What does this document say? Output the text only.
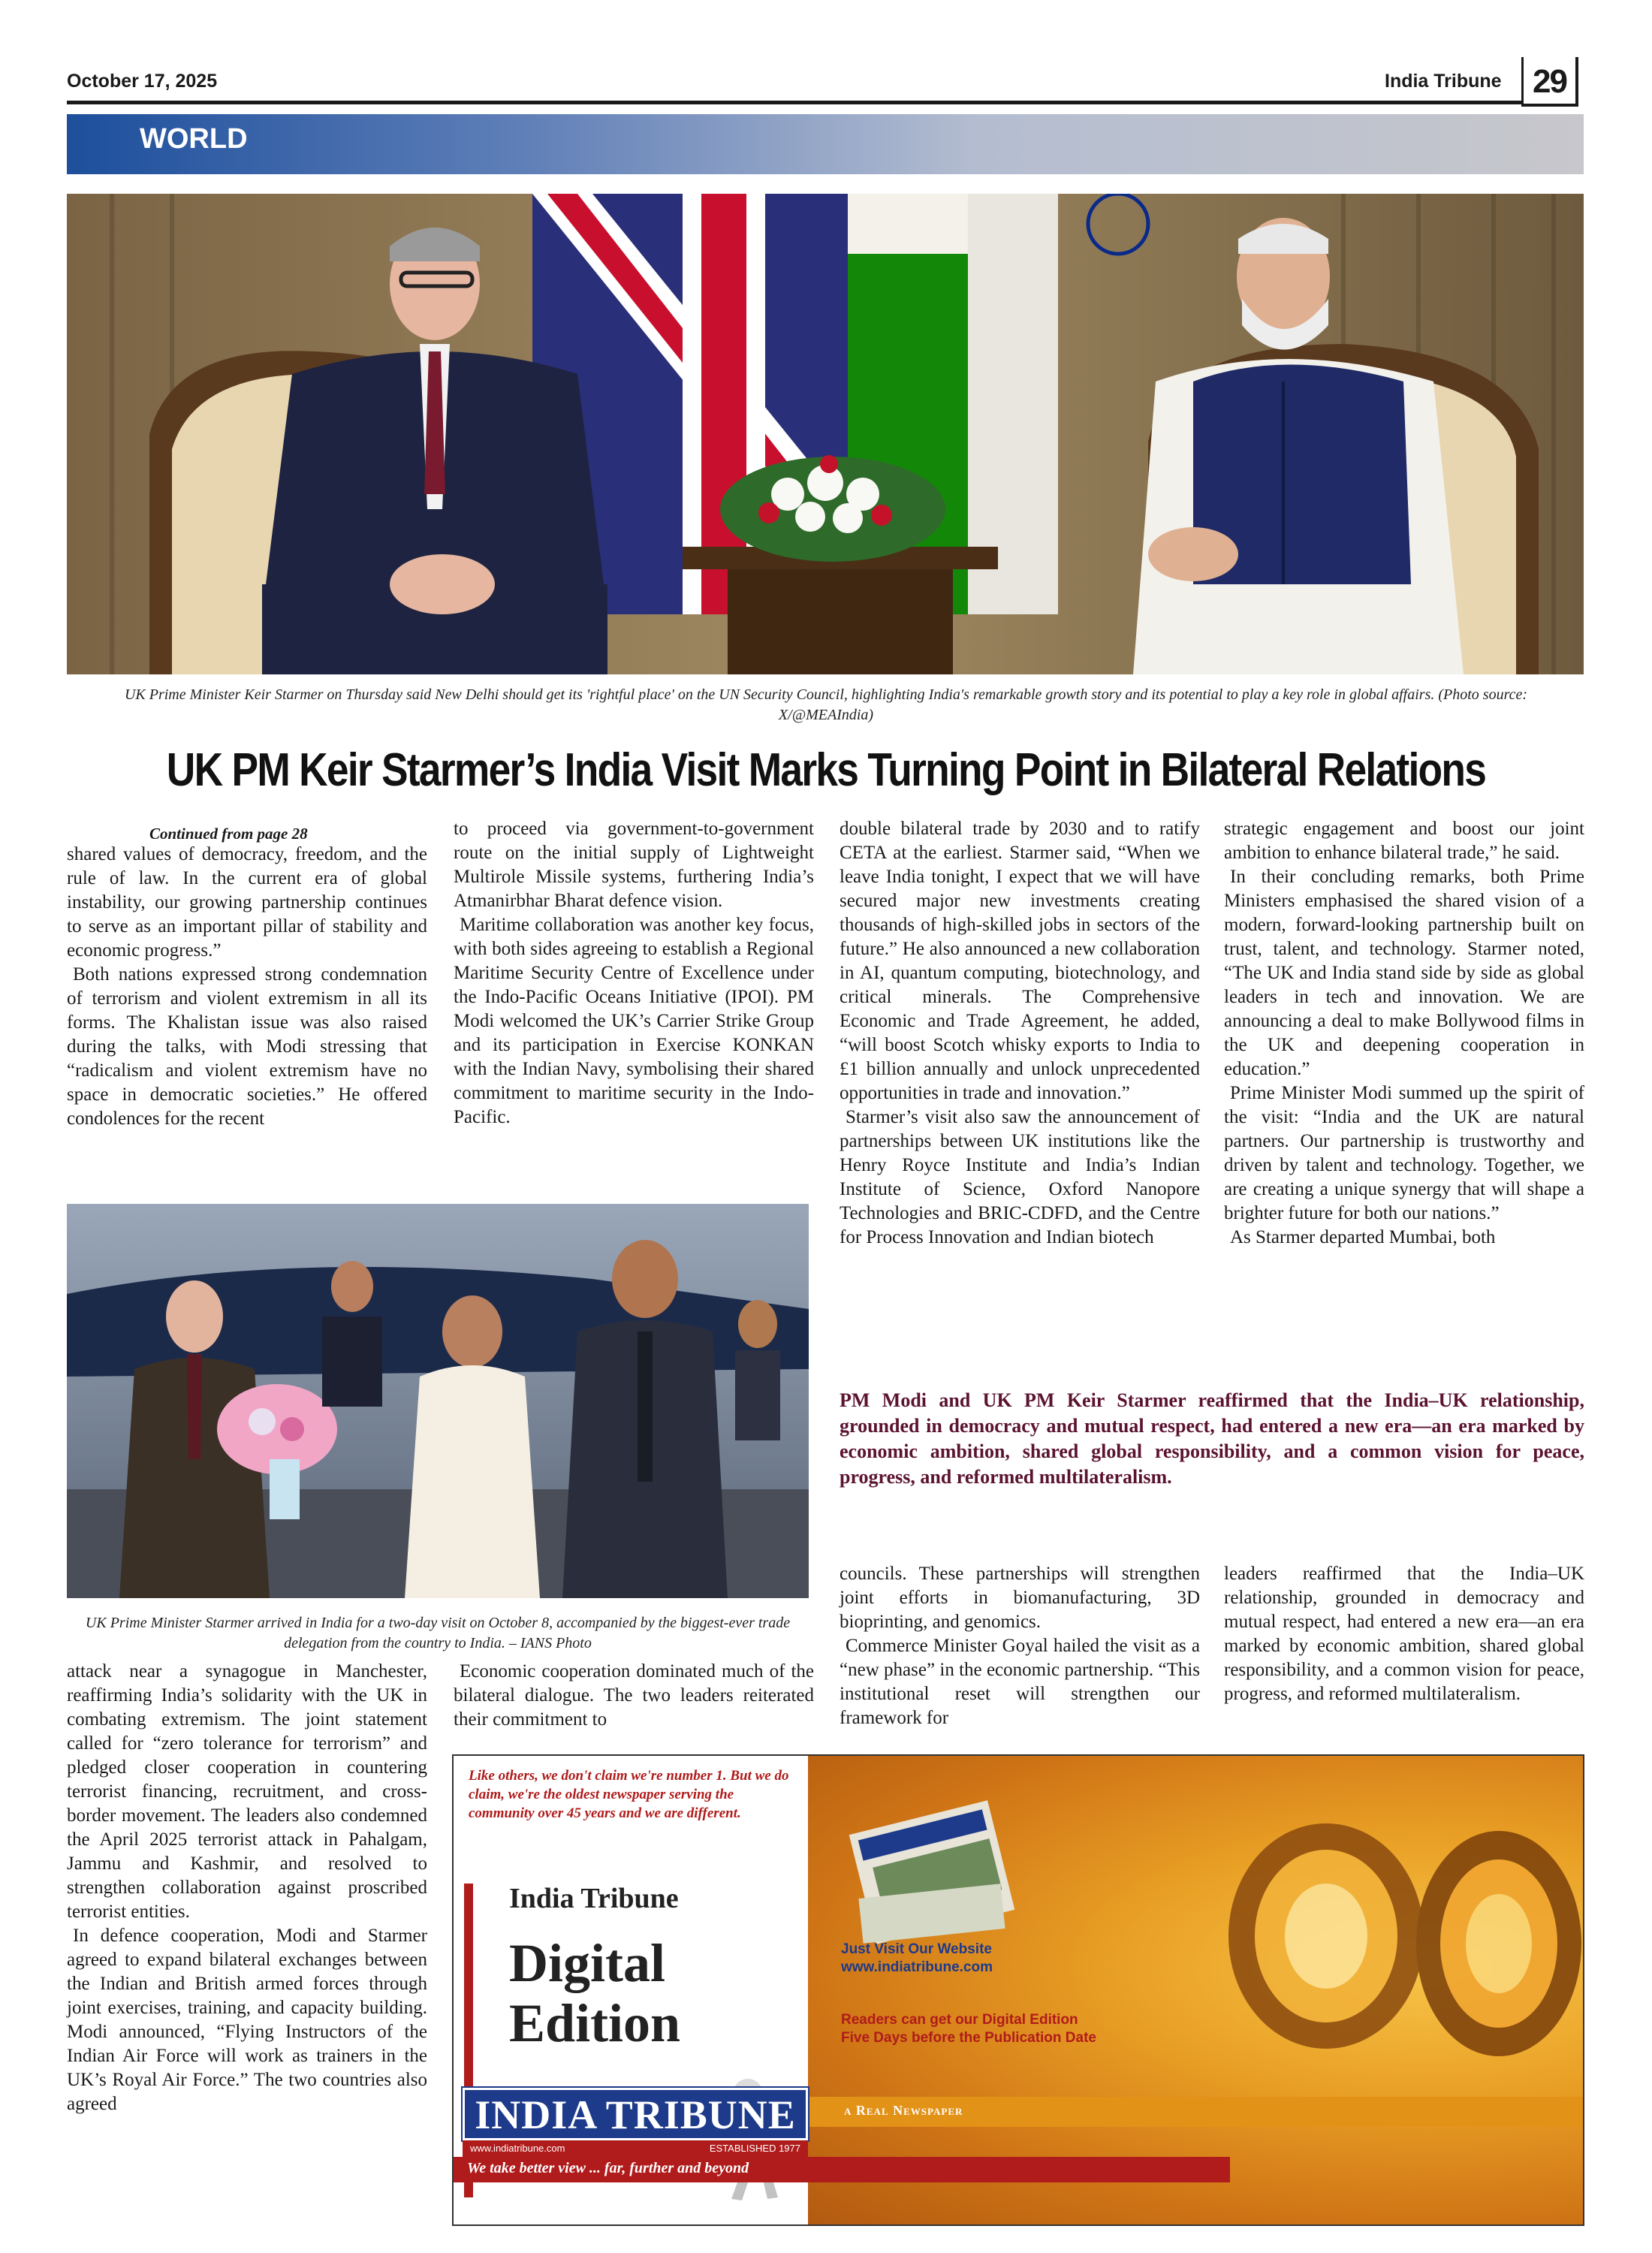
October 17, 2025	India Tribune 29
WORLD
UK Prime Minister Keir Starmer on Thursday said New Delhi should get its 'rightful place' on the UN Security Council, highlighting India's remarkable growth story and its potential to play a key role in global affairs. (Photo source: X/@MEAIndia)
UK PM Keir Starmer’s India Visit Marks Turning Point in Bilateral Relations
Continued from page 28

shared values of democracy, freedom, and the rule of law. In the current era of global instability, our growing partnership continues to serve as an important pillar of stability and economic progress.”

Both nations expressed strong condemnation of terrorism and violent extremism in all its forms. The Khalistan issue was also raised during the talks, with Modi stressing that “radicalism and violent extremism have no space in democratic societies.” He offered condolences for the recent

to proceed via government-to-government route on the initial supply of Lightweight Multirole Missile systems, furthering India’s Atmanirbhar Bharat defence vision.

Maritime collaboration was another key focus, with both sides agreeing to establish a Regional Maritime Security Centre of Excellence under the Indo-Pacific Oceans Initiative (IPOI). PM Modi welcomed the UK’s Carrier Strike Group and its participation in Exercise KONKAN with the Indian Navy, symbolising their shared commitment to maritime security in the Indo-Pacific.

double bilateral trade by 2030 and to ratify CETA at the earliest. Starmer said, “When we leave India tonight, I expect that we will have secured major new investments creating thousands of high-skilled jobs in sectors of the future.” He also announced a new collaboration in AI, quantum computing, biotechnology, and critical minerals. The Comprehensive Economic and Trade Agreement, he added, “will boost Scotch whisky exports to India to £1 billion annually and unlock unprecedented opportunities in trade and innovation.”

Starmer’s visit also saw the announcement of partnerships between UK institutions like the Henry Royce Institute and India’s Indian Institute of Science, Oxford Nanopore Technologies and BRIC-CDFD, and the Centre for Process Innovation and Indian biotech

strategic engagement and boost our joint ambition to enhance bilateral trade,” he said.

In their concluding remarks, both Prime Ministers emphasised the shared vision of a modern, forward-looking partnership built on trust, talent, and technology. Starmer noted, “The UK and India stand side by side as global leaders in tech and innovation. We are announcing a deal to make Bollywood films in the UK and deepening cooperation in education.”

Prime Minister Modi summed up the spirit of the visit: “India and the UK are natural partners. Our partnership is trustworthy and driven by talent and technology. Together, we are creating a unique synergy that will shape a brighter future for both our nations.”

As Starmer departed Mumbai, both

UK Prime Minister Starmer arrived in India for a two-day visit on October 8, accompanied by the biggest-ever trade delegation from the country to India. – IANS Photo
PM Modi and UK PM Keir Starmer reaffirmed that the India–UK relationship, grounded in democracy and mutual respect, had entered a new era—an era marked by economic ambition, shared global responsibility, and a common vision for peace, progress, and reformed multilateralism.

councils. These partnerships will strengthen joint efforts in biomanufacturing, 3D bioprinting, and genomics.

Commerce Minister Goyal hailed the visit as a “new phase” in the economic partnership. “This institutional reset will strengthen our framework for

leaders reaffirmed that the India–UK relationship, grounded in democracy and mutual respect, had entered a new era—an era marked by economic ambition, shared global responsibility, and a common vision for peace, progress, and reformed multilateralism.

attack near a synagogue in Manchester, reaffirming India’s solidarity with the UK in combating extremism. The joint statement called for “zero tolerance for terrorism” and pledged closer cooperation in countering terrorist financing, recruitment, and cross-border movement. The leaders also condemned the April 2025 terrorist attack in Pahalgam, Jammu and Kashmir, and resolved to strengthen collaboration against proscribed terrorist entities.

In defence cooperation, Modi and Starmer agreed to expand bilateral exchanges between the Indian and British armed forces through joint exercises, training, and capacity building. Modi announced, “Flying Instructors of the Indian Air Force will work as trainers in the UK’s Royal Air Force.” The two countries also agreed

Economic cooperation dominated much of the bilateral dialogue. The two leaders reiterated their commitment to

Like others, we don't claim we're number 1. But we do claim, we're the oldest newspaper serving the community over 45 years and we are different.
India Tribune
Digital
Edition
INDIA TRIBUNE
www.indiatribune.com	ESTABLISHED 1977
a Real Newspaper
We take better view ... far, further and beyond
Just Visit Our Website
www.indiatribune.com
Readers can get our Digital Edition
Five Days before the Publication Date
